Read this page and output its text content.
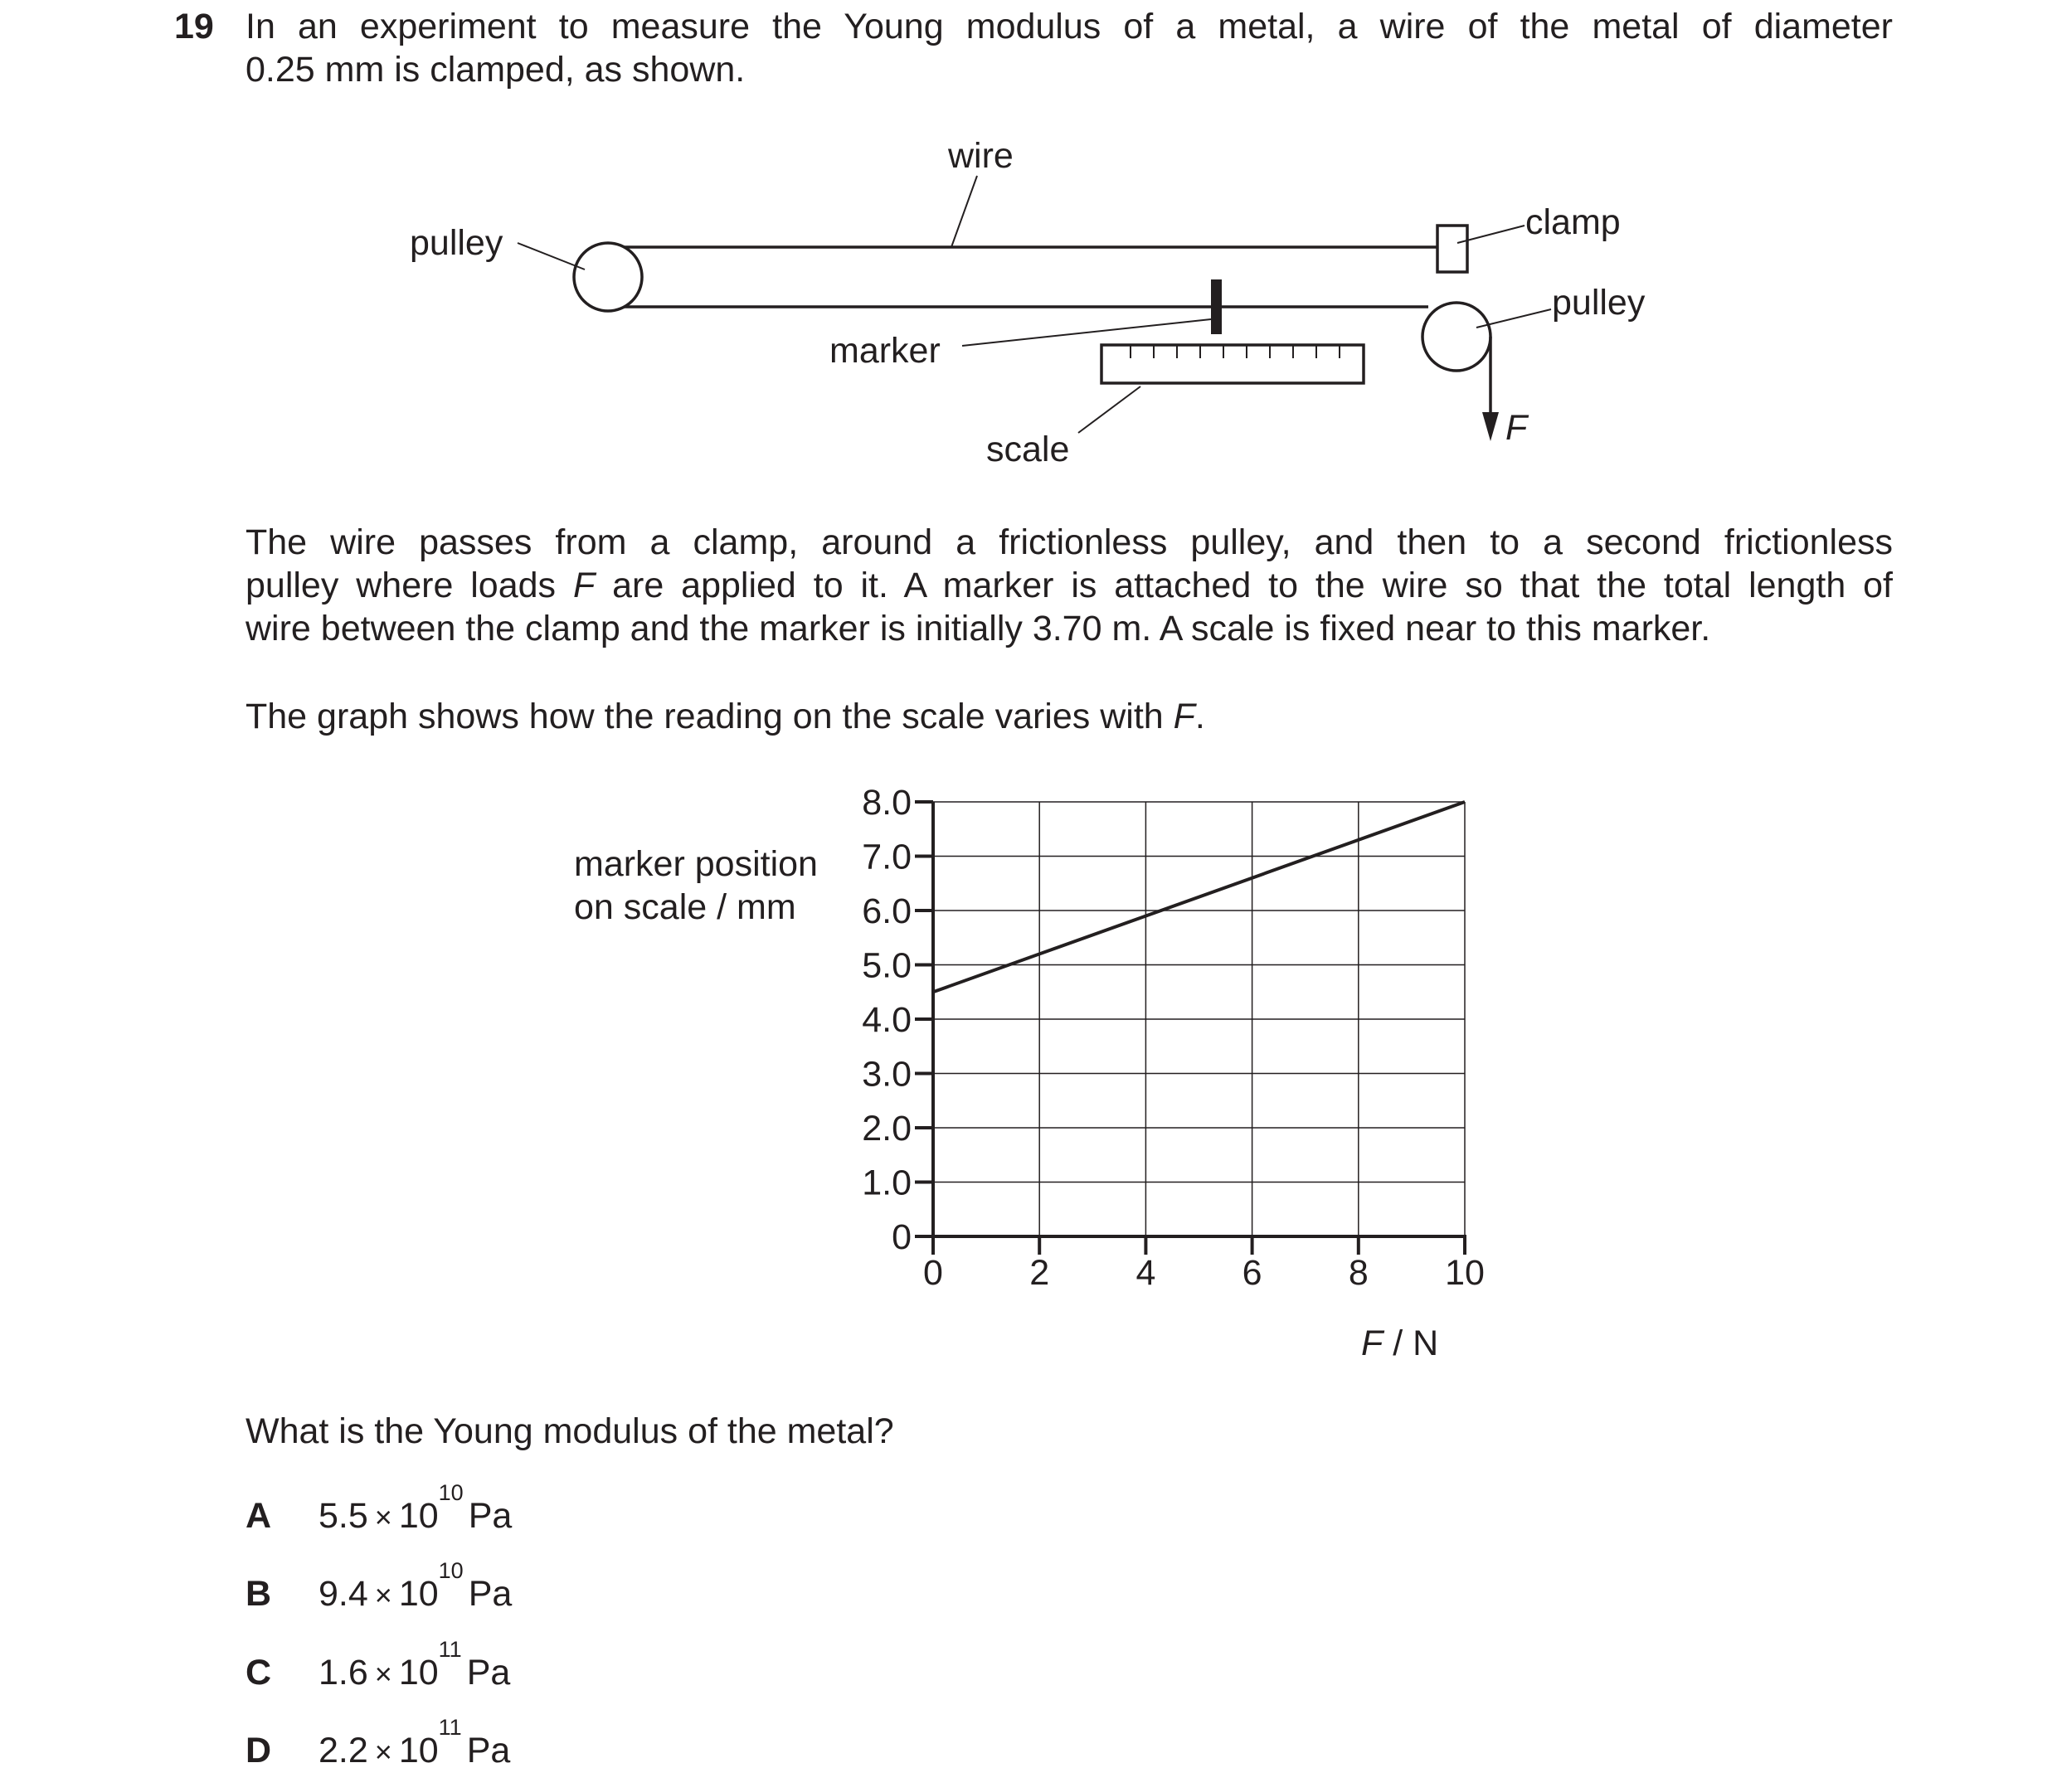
19 In an experiment to measure the Young modulus of a metal, a wire of the metal of diameter
0.25 mm is clamped, as shown.
wire
pulley
clamp
pulley
marker
scale
F
The wire passes from a clamp, around a frictionless pulley, and then to a second frictionless
pulley where loads F are applied to it. A marker is attached to the wire so that the total length of
wire between the clamp and the marker is initially 3.70 m. A scale is fixed near to this marker.
The graph shows how the reading on the scale varies with F.
0
1.0
2.0
3.0
4.0
5.0
6.0
7.0
8.0
0 2 4 6 8 10
marker position
on scale / mm
F / N
What is the Young modulus of the metal?
A $5.5 \times 10^{10}Pa$
B $9.4 \times 10^{10}Pa$
C $1.6 \times 10^{11}Pa$
D $2.2 \times 10^{11}Pa$
